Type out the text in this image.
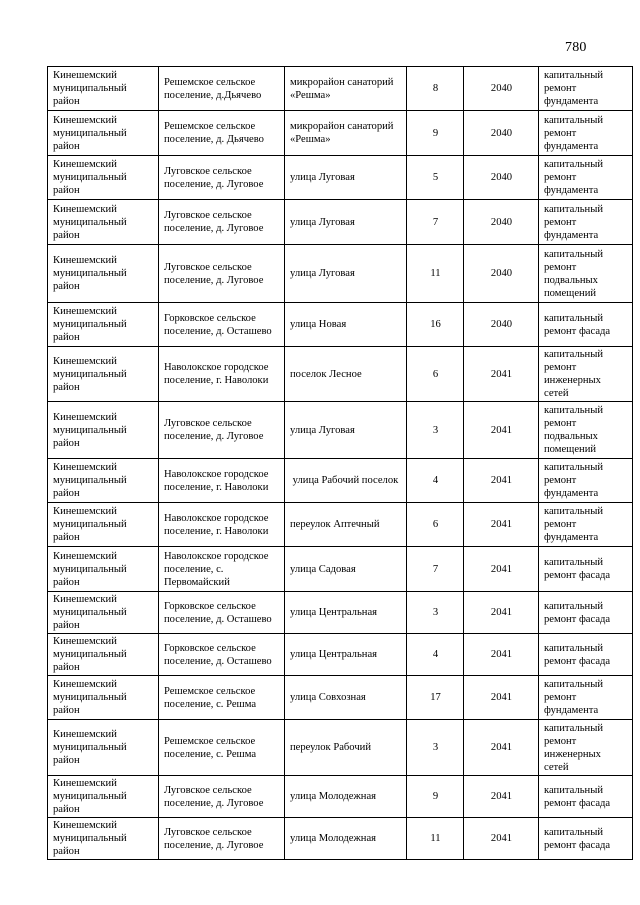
780
Кинешемский муниципальный район	Решемское сельское поселение, д.Дьячево	микрорайон санаторий «Решма»	8	2040	капитальный ремонт фундамента
Кинешемский муниципальный район	Решемское сельское поселение, д. Дьячево	микрорайон санаторий «Решма»	9	2040	капитальный ремонт фундамента
Кинешемский муниципальный район	Луговское сельское поселение, д. Луговое	улица Луговая	5	2040	капитальный ремонт фундамента
Кинешемский муниципальный район	Луговское сельское поселение, д. Луговое	улица Луговая	7	2040	капитальный ремонт фундамента
Кинешемский муниципальный район	Луговское сельское поселение, д. Луговое	улица Луговая	11	2040	капитальный ремонт подвальных помещений
Кинешемский муниципальный район	Горковское сельское поселение, д. Осташево	улица Новая	16	2040	капитальный ремонт фасада
Кинешемский муниципальный район	Наволокское городское поселение, г. Наволоки	поселок Лесное	6	2041	капитальный ремонт инженерных сетей
Кинешемский муниципальный район	Луговское сельское поселение, д. Луговое	улица Луговая	3	2041	капитальный ремонт подвальных помещений
Кинешемский муниципальный район	Наволокское городское поселение, г. Наволоки	улица Рабочий поселок	4	2041	капитальный ремонт фундамента
Кинешемский муниципальный район	Наволокское городское поселение, г. Наволоки	переулок Аптечный	6	2041	капитальный ремонт фундамента
Кинешемский муниципальный район	Наволокское городское поселение, с. Первомайский	улица Садовая	7	2041	капитальный ремонт фасада
Кинешемский муниципальный район	Горковское сельское поселение, д. Осташево	улица Центральная	3	2041	капитальный ремонт фасада
Кинешемский муниципальный район	Горковское сельское поселение, д. Осташево	улица Центральная	4	2041	капитальный ремонт фасада
Кинешемский муниципальный район	Решемское сельское поселение, с. Решма	улица Совхозная	17	2041	капитальный ремонт фундамента
Кинешемский муниципальный район	Решемское сельское поселение, с. Решма	переулок Рабочий	3	2041	капитальный ремонт инженерных сетей
Кинешемский муниципальный район	Луговское сельское поселение, д. Луговое	улица Молодежная	9	2041	капитальный ремонт фасада
Кинешемский муниципальный район	Луговское сельское поселение, д. Луговое	улица Молодежная	11	2041	капитальный ремонт фасада
